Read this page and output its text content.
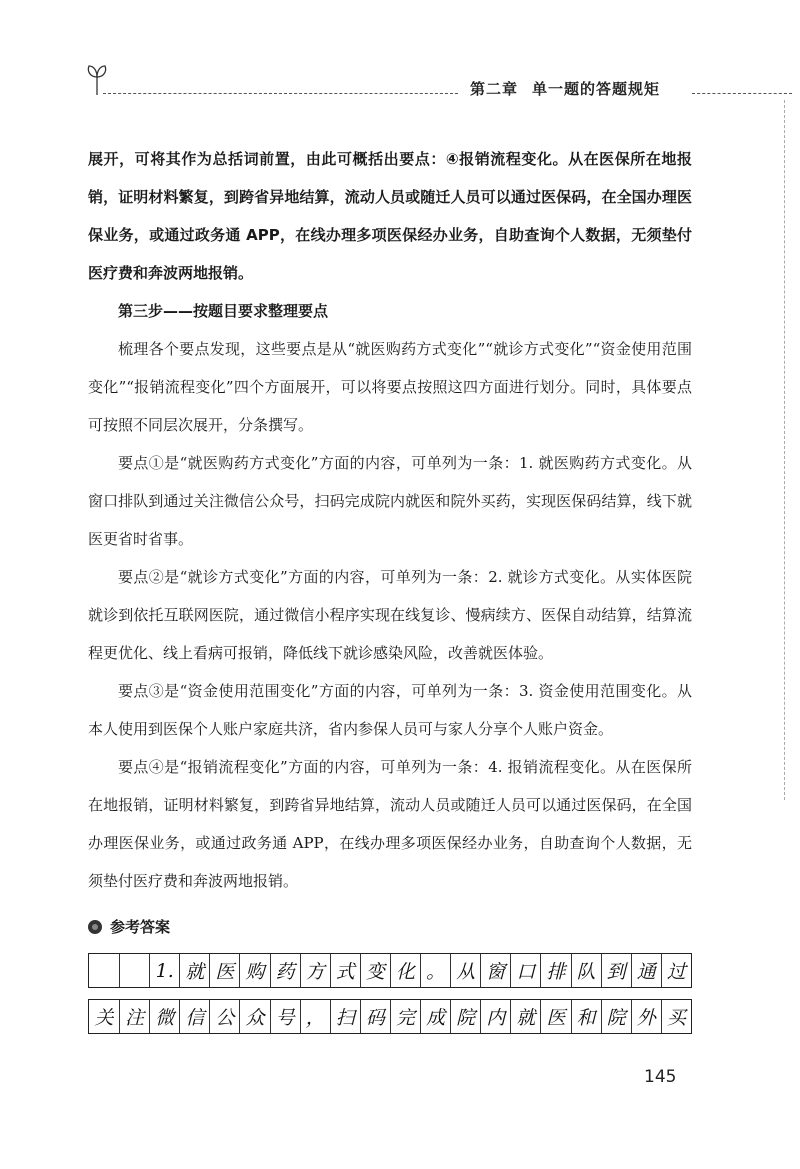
第二章 单一题的答题规矩

展开，可将其作为总括词前置，由此可概括出要点：④报销流程变化。从在医保所在地报销，证明材料繁复，到跨省异地结算，流动人员或随迁人员可以通过医保码，在全国办理医保业务，或通过政务通 APP，在线办理多项医保经办业务，自助查询个人数据，无须垫付医疗费和奔波两地报销。

第三步——按题目要求整理要点

梳理各个要点发现，这些要点是从“就医购药方式变化”“就诊方式变化”“资金使用范围变化”“报销流程变化”四个方面展开，可以将要点按照这四方面进行划分。同时，具体要点可按照不同层次展开，分条撰写。

要点①是“就医购药方式变化”方面的内容，可单列为一条：1. 就医购药方式变化。从窗口排队到通过关注微信公众号，扫码完成院内就医和院外买药，实现医保码结算，线下就医更省时省事。

要点②是“就诊方式变化”方面的内容，可单列为一条：2. 就诊方式变化。从实体医院就诊到依托互联网医院，通过微信小程序实现在线复诊、慢病续方、医保自动结算，结算流程更优化、线上看病可报销，降低线下就诊感染风险，改善就医体验。

要点③是“资金使用范围变化”方面的内容，可单列为一条：3. 资金使用范围变化。从本人使用到医保个人账户家庭共济，省内参保人员可与家人分享个人账户资金。

要点④是“报销流程变化”方面的内容，可单列为一条：4. 报销流程变化。从在医保所在地报销，证明材料繁复，到跨省异地结算，流动人员或随迁人员可以通过医保码，在全国办理医保业务，或通过政务通 APP，在线办理多项医保经办业务，自助查询个人数据，无须垫付医疗费和奔波两地报销。

参考答案
1. 就 医 购 药 方 式 变 化 。 从 窗 口 排 队 到 通 过
关 注 微 信 公 众 号 ， 扫 码 完 成 院 内 就 医 和 院 外 买
145
